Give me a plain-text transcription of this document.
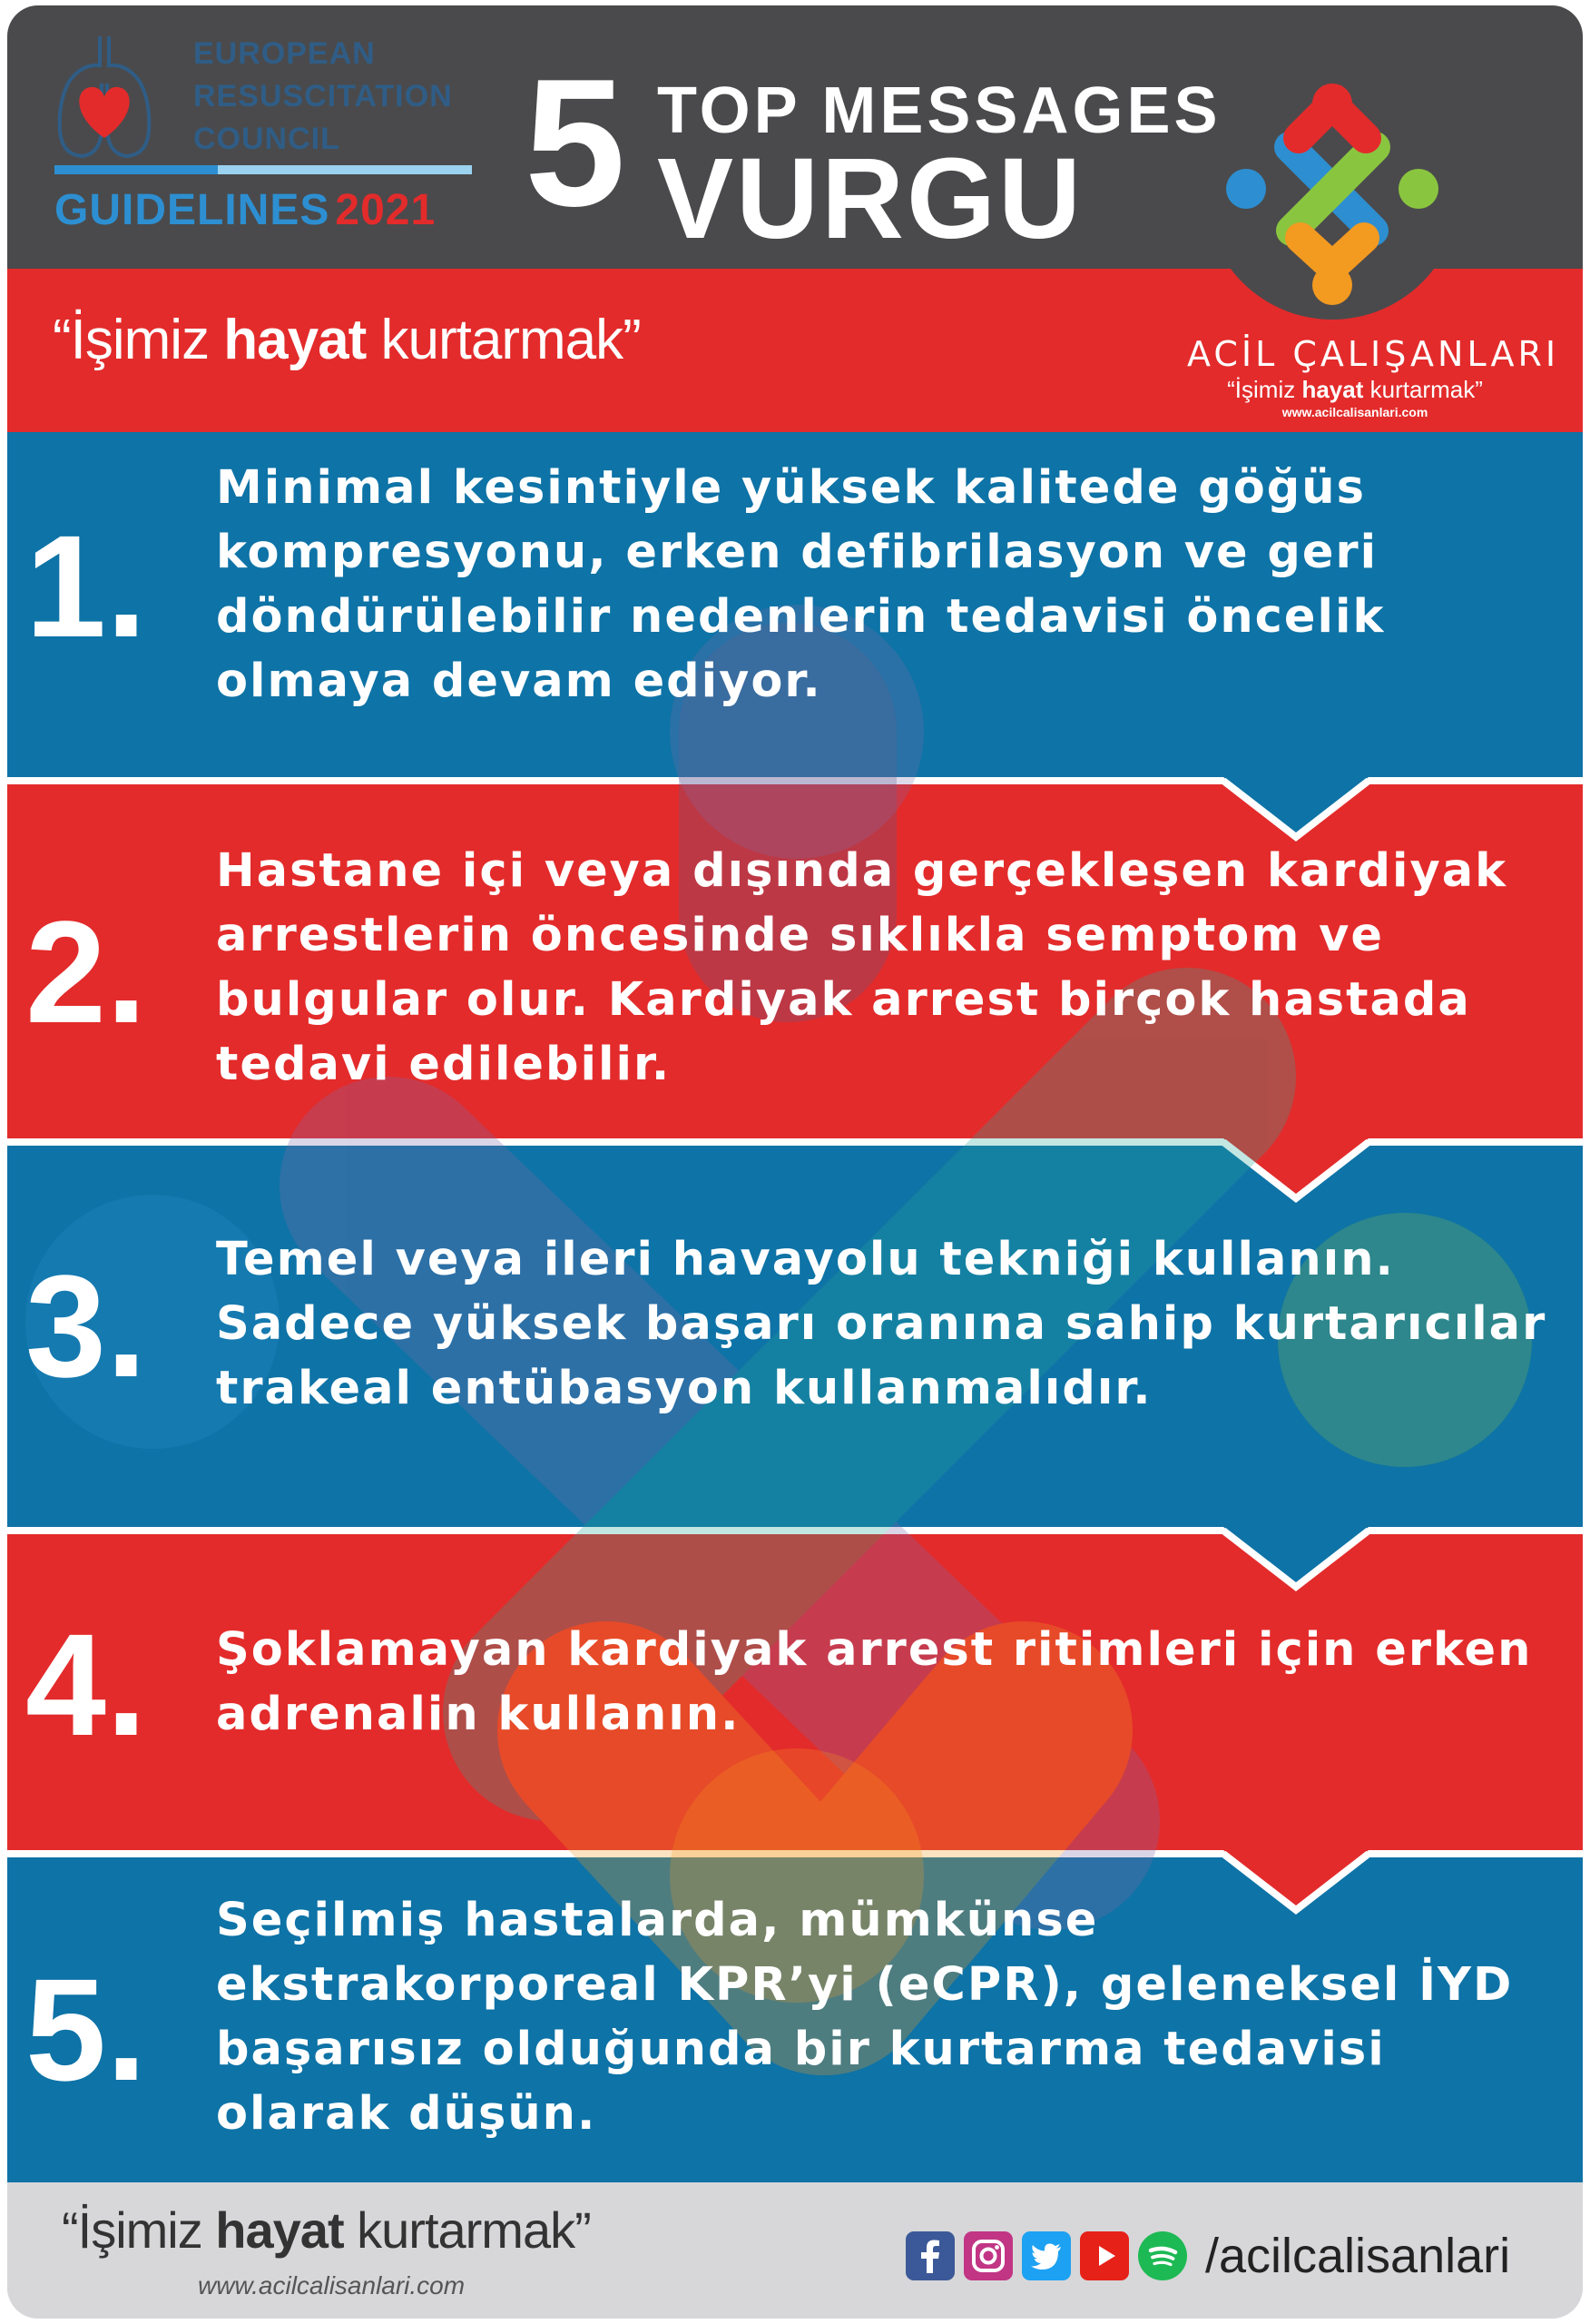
EUROPEAN
RESUSCITATION
COUNCIL
GUIDELINES 2021 5 TOP MESSAGES
VURGU
“İşimiz hayat kurtarmak”	ACİL ÇALIŞANLARI
“İşimiz hayat kurtarmak”
www.acilcalisanlari.com
1.
2.
3.
4.
5.
Minimal kesintiyle yüksek kalitede göğüs kompresyonu, erken defibrilasyon ve geri döndürülebilir nedenlerin tedavisi öncelik olmaya devam ediyor.
Hastane içi veya dışında gerçekleşen kardiyak arrestlerin öncesinde sıklıkla semptom ve bulgular olur. Kardiyak arrest birçok hastada tedavi edilebilir.
Temel veya ileri havayolu tekniği kullanın. Sadece yüksek başarı oranına sahip kurtarıcılar trakeal entübasyon kullanmalıdır.
Şoklamayan kardiyak arrest ritimleri için erken adrenalin kullanın.
Seçilmiş hastalarda, mümkünse ekstrakorporeal KPR’yi (eCPR), geleneksel İYD başarısız olduğunda bir kurtarma tedavisi olarak düşün.
“İşimiz hayat kurtarmak”
www.acilcalisanlari.com
/acilcalisanlari
